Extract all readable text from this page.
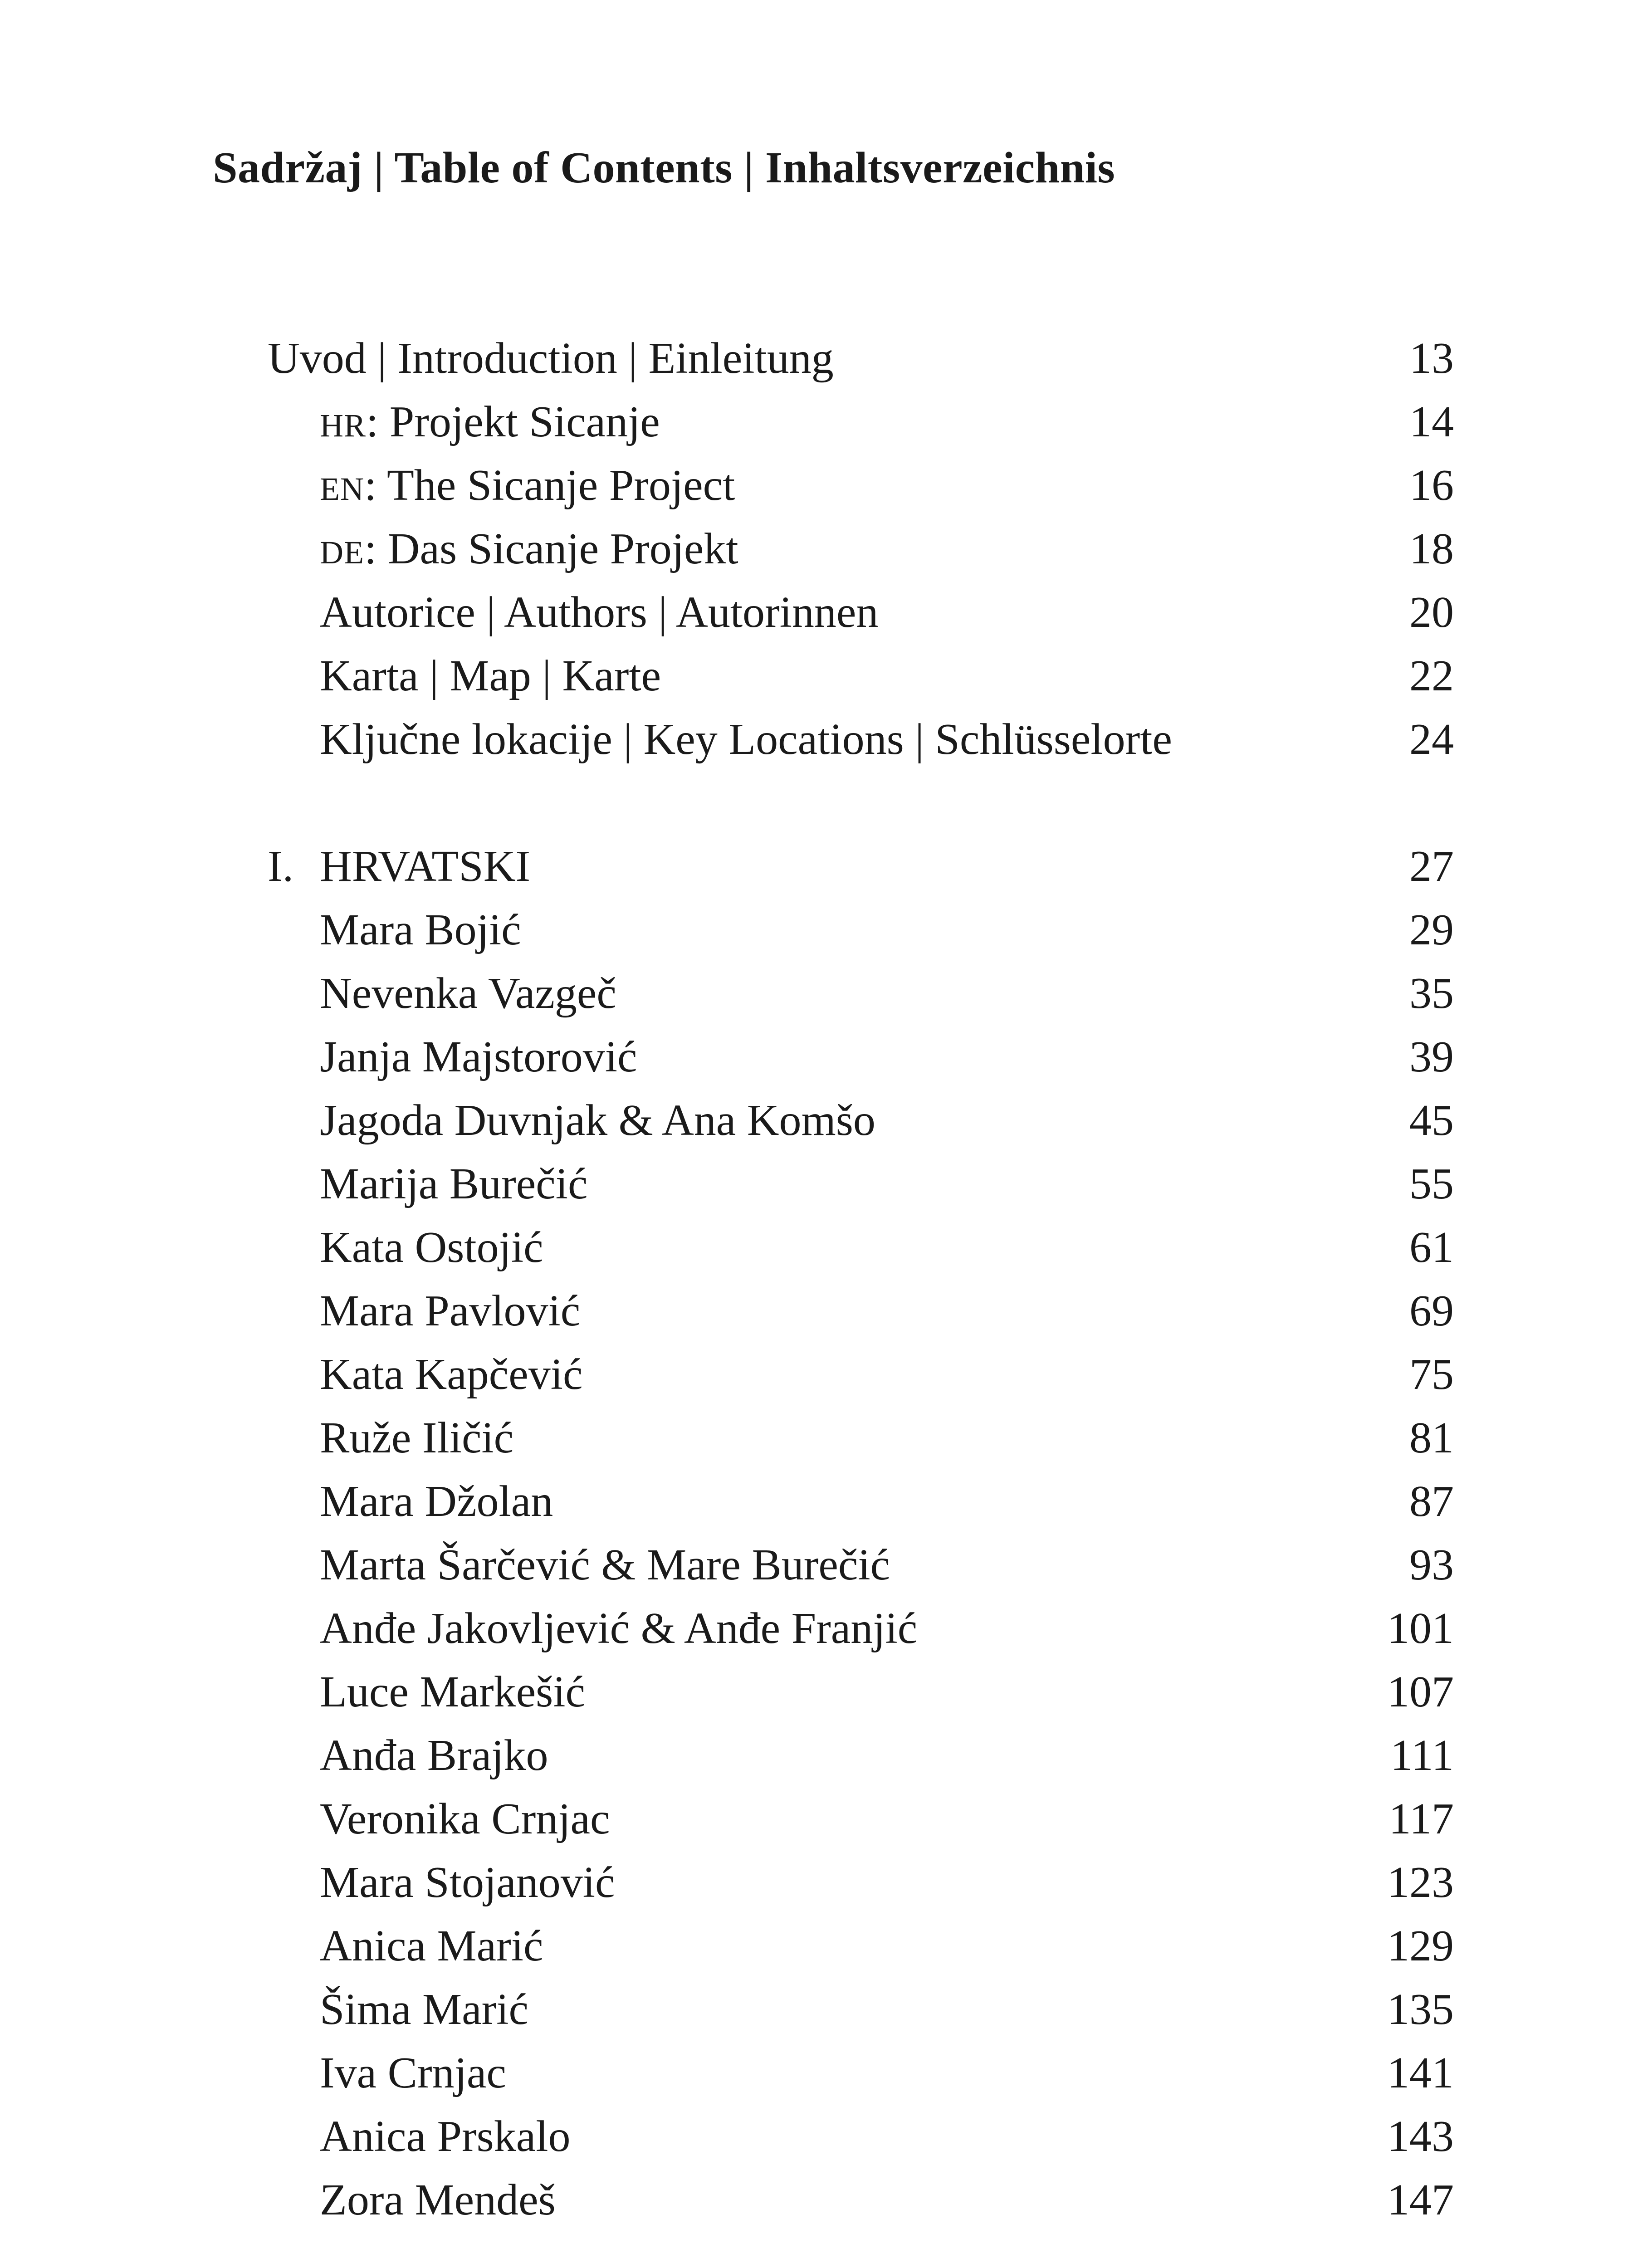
Sadržaj | Table of Contents | Inhaltsverzeichnis
Uvod | Introduction | Einleitung	13
HR: Projekt Sicanje	14
EN: The Sicanje Project	16
DE: Das Sicanje Projekt	18
Autorice | Authors | Autorinnen	20
Karta | Map | Karte	22
Ključne lokacije | Key Locations | Schlüsselorte	24
I. HRVATSKI	27
Mara Bojić	29
Nevenka Vazgeč	35
Janja Majstorović	39
Jagoda Duvnjak & Ana Komšo	45
Marija Burečić	55
Kata Ostojić	61
Mara Pavlović	69
Kata Kapčević	75
Ruže Iličić	81
Mara Džolan	87
Marta Šarčević & Mare Burečić	93
Anđe Jakovljević & Anđe Franjić	101
Luce Markešić	107
Anđa Brajko	111
Veronika Crnjac	117
Mara Stojanović	123
Anica Marić	129
Šima Marić	135
Iva Crnjac	141
Anica Prskalo	143
Zora Mendeš	147
